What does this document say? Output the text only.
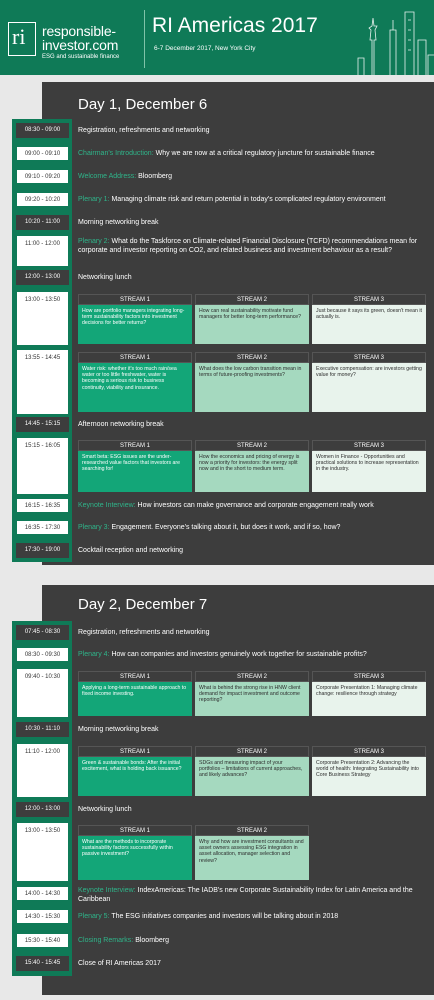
ri responsible-
investor.com
ESG and sustainable finance
RI Americas 2017
6-7 December 2017, New York City
Day 1, December 6
08:30 - 09:00
09:00 - 09:10
09:10 - 09:20
09:20 - 10:20
10:20 - 11:00
11:00 - 12:00
12:00 - 13:00
13:00 - 13:50
13:55 - 14:45
14:45 - 15:15
15:15 - 16:05
16:15 - 16:35
16:35 - 17:30
17:30 - 19:00
Registration, refreshments and networking
Chairman's Introduction: Why we are now at a critical regulatory juncture for sustainable finance
Welcome Address: Bloomberg
Plenary 1: Managing climate risk and return potential in today's complicated regulatory environment
Morning networking break
Plenary 2: What do the Taskforce on Climate-related Financial Disclosure (TCFD) recommendations mean for corporate and investor reporting on CO2, and related business and investment behaviour as a result?
Networking lunch
Afternoon networking break
Keynote Interview: How investors can make governance and corporate engagement really work
Plenary 3: Engagement. Everyone's talking about it, but does it work, and if so, how?
Cocktail reception and networking
STREAM 1
How are portfolio managers integrating long-term sustainability factors into investment decisions for better returns?
STREAM 2
How can real sustainability motivate fund managers for better long-term performance?
STREAM 3
Just because it says its green, doesn't mean it actually is.
STREAM 1
Water risk: whether it's too much rain/sea water or too little freshwater, water is becoming a serious risk to business continuity, viability and insurance.
STREAM 2
What does the low carbon transition mean in terms of future-proofing investments?
STREAM 3
Executive compensation: are investors getting value for money?
STREAM 1
Smart beta: ESG issues are the under-researched value factors that investors are searching for!
STREAM 2
How the economics and pricing of energy is now a priority for investors: the energy split now and in the short to medium term.
STREAM 3
Women in Finance - Opportunities and practical solutions to increase representation in the industry.
Day 2, December 7
07:45 - 08:30
08:30 - 09:30
09:40 - 10:30
10:30 - 11:10
11:10 - 12:00
12:00 - 13:00
13:00 - 13:50
14:00 - 14:30
14:30 - 15:30
15:30 - 15:40
15:40 - 15:45
Registration, refreshments and networking
Plenary 4: How can companies and investors genuinely work together for sustainable profits?
Morning networking break
Networking lunch
Keynote Interview: IndexAmericas: The IADB's new Corporate Sustainability Index for Latin America and the Caribbean
Plenary 5: The ESG initiatives companies and investors will be talking about in 2018
Closing Remarks: Bloomberg
Close of RI Americas 2017
STREAM 1
Applying a long-term sustainable approach to fixed income investing.
STREAM 2
What is behind the strong rise in HNW client demand for impact investment and outcome reporting?
STREAM 3
Corporate Presentation 1: Managing climate change: resilience through strategy
STREAM 1
Green & sustainable bonds: After the initial excitement, what is holding back issuance?
STREAM 2
SDGs and measuring impact of your portfolios – limitations of current approaches, and likely advances?
STREAM 3
Corporate Presentation 2: Advancing the world of health: Integrating Sustainability into Core Business Strategy
STREAM 1
What are the methods to incorporate sustainability factors successfully within passive investment?
STREAM 2
Why and how are investment consultants and asset owners assessing ESG integration in asset allocation, manager selection and review?
